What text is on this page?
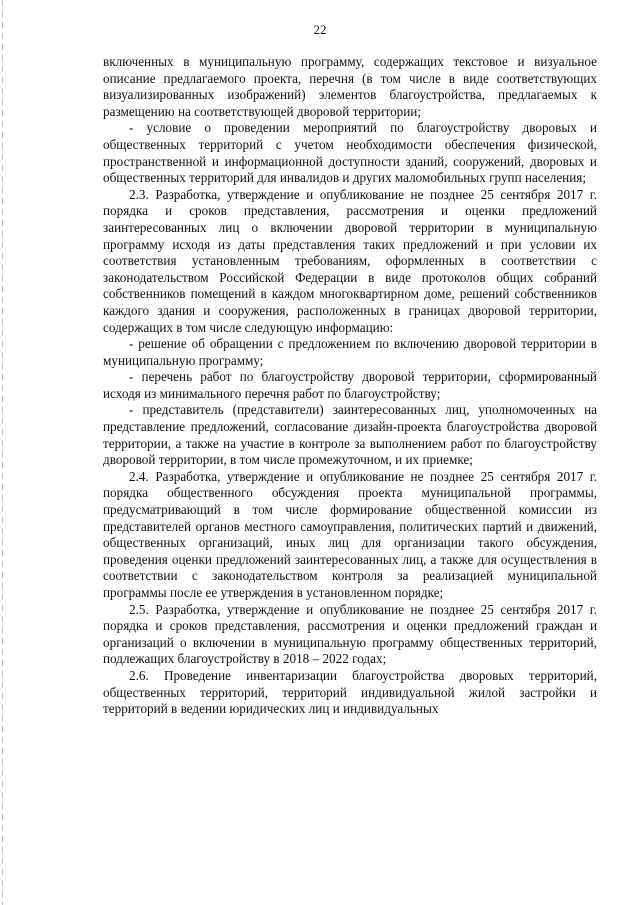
22

включенных в муниципальную программу, содержащих текстовое и визуальное описание предлагаемого проекта, перечня (в том числе в виде соответствующих визуализированных изображений) элементов благоустройства, предлагаемых к размещению на соответствующей дворовой территории;

- условие о проведении мероприятий по благоустройству дворовых и общественных территорий с учетом необходимости обеспечения физической, пространственной и информационной доступности зданий, сооружений, дворовых и общественных территорий для инвалидов и других маломобильных групп населения;

2.3. Разработка, утверждение и опубликование не позднее 25 сентября 2017 г. порядка и сроков представления, рассмотрения и оценки предложений заинтересованных лиц о включении дворовой территории в муниципальную программу исходя из даты представления таких предложений и при условии их соответствия установленным требованиям, оформленных в соответствии с законодательством Российской Федерации в виде протоколов общих собраний собственников помещений в каждом многоквартирном доме, решений собственников каждого здания и сооружения, расположенных в границах дворовой территории, содержащих в том числе следующую информацию:

- решение об обращении с предложением по включению дворовой территории в муниципальную программу;

- перечень работ по благоустройству дворовой территории, сформированный исходя из минимального перечня работ по благоустройству;

- представитель (представители) заинтересованных лиц, уполномоченных на представление предложений, согласование дизайн-проекта благоустройства дворовой территории, а также на участие в контроле за выполнением работ по благоустройству дворовой территории, в том числе промежуточном, и их приемке;

2.4. Разработка, утверждение и опубликование не позднее 25 сентября 2017 г. порядка общественного обсуждения проекта муниципальной программы, предусматривающий в том числе формирование общественной комиссии из представителей органов местного самоуправления, политических партий и движений, общественных организаций, иных лиц для организации такого обсуждения, проведения оценки предложений заинтересованных лиц, а также для осуществления в соответствии с законодательством контроля за реализацией муниципальной программы после ее утверждения в установленном порядке;

2.5. Разработка, утверждение и опубликование не позднее 25 сентября 2017 г. порядка и сроков представления, рассмотрения и оценки предложений граждан и организаций о включении в муниципальную программу общественных территорий, подлежащих благоустройству в 2018 – 2022 годах;

2.6. Проведение инвентаризации благоустройства дворовых территорий, общественных территорий, территорий индивидуальной жилой застройки и территорий в ведении юридических лиц и индивидуальных
